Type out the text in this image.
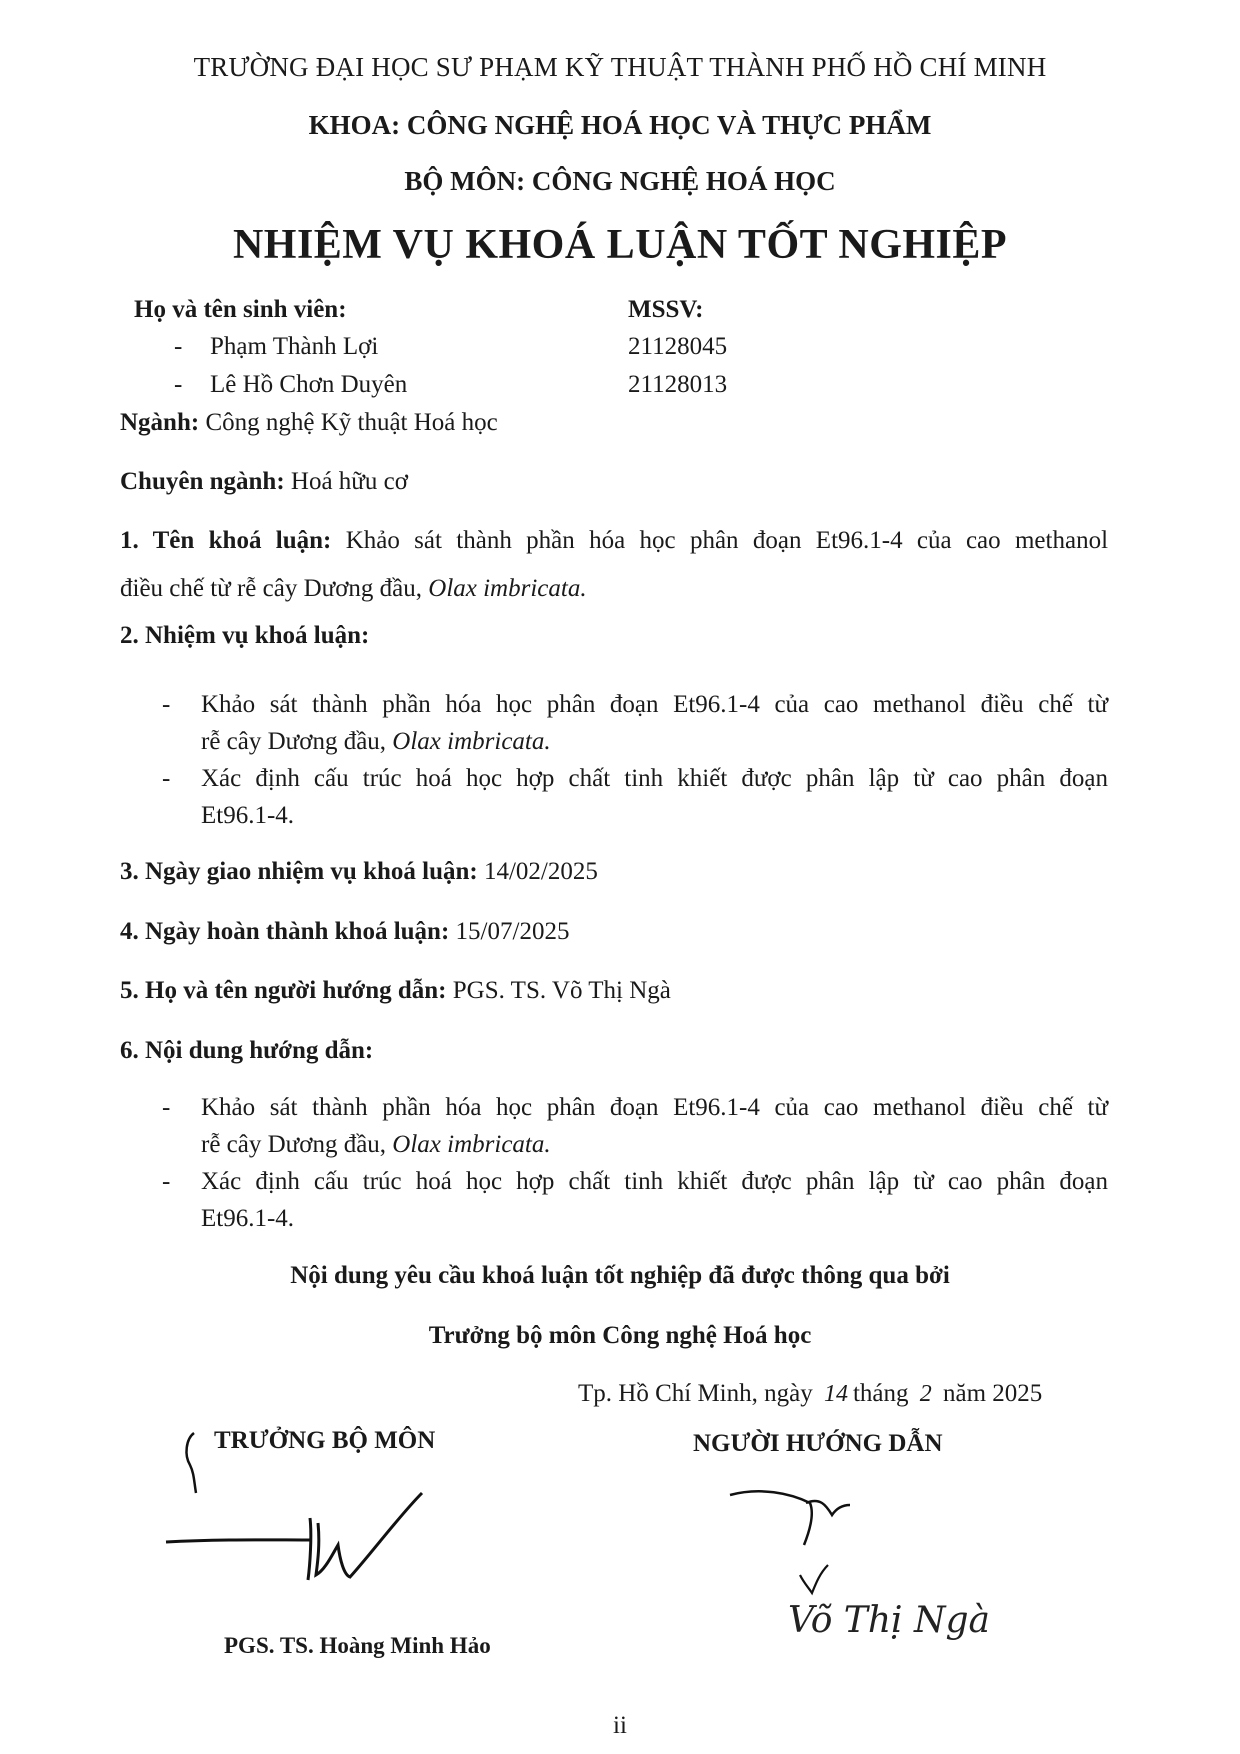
TRƯỜNG ĐẠI HỌC SƯ PHẠM KỸ THUẬT THÀNH PHỐ HỒ CHÍ MINH
KHOA: CÔNG NGHỆ HOÁ HỌC VÀ THỰC PHẨM
BỘ MÔN: CÔNG NGHỆ HOÁ HỌC
NHIỆM VỤ KHOÁ LUẬN TỐT NGHIỆP
Họ và tên sinh viên:	MSSV:
- Phạm Thành Lợi	21128045
- Lê Hồ Chơn Duyên	21128013
Ngành: Công nghệ Kỹ thuật Hoá học
Chuyên ngành: Hoá hữu cơ
1. Tên khoá luận: Khảo sát thành phần hóa học phân đoạn Et96.1-4 của cao methanol
điều chế từ rễ cây Dương đầu, Olax imbricata.
2. Nhiệm vụ khoá luận:
- Khảo sát thành phần hóa học phân đoạn Et96.1-4 của cao methanol điều chế từ
rễ cây Dương đầu, Olax imbricata.
- Xác định cấu trúc hoá học hợp chất tinh khiết được phân lập từ cao phân đoạn
Et96.1-4.
3. Ngày giao nhiệm vụ khoá luận: 14/02/2025
4. Ngày hoàn thành khoá luận: 15/07/2025
5. Họ và tên người hướng dẫn: PGS. TS. Võ Thị Ngà
6. Nội dung hướng dẫn:
- Khảo sát thành phần hóa học phân đoạn Et96.1-4 của cao methanol điều chế từ
rễ cây Dương đầu, Olax imbricata.
- Xác định cấu trúc hoá học hợp chất tinh khiết được phân lập từ cao phân đoạn
Et96.1-4.
Nội dung yêu cầu khoá luận tốt nghiệp đã được thông qua bởi
Trưởng bộ môn Công nghệ Hoá học
Tp. Hồ Chí Minh, ngày 14 tháng 2 năm 2025
TRƯỞNG BỘ MÔN	NGƯỜI HƯỚNG DẪN
PGS. TS. Hoàng Minh Hảo
Võ Thị Ngà
ii
